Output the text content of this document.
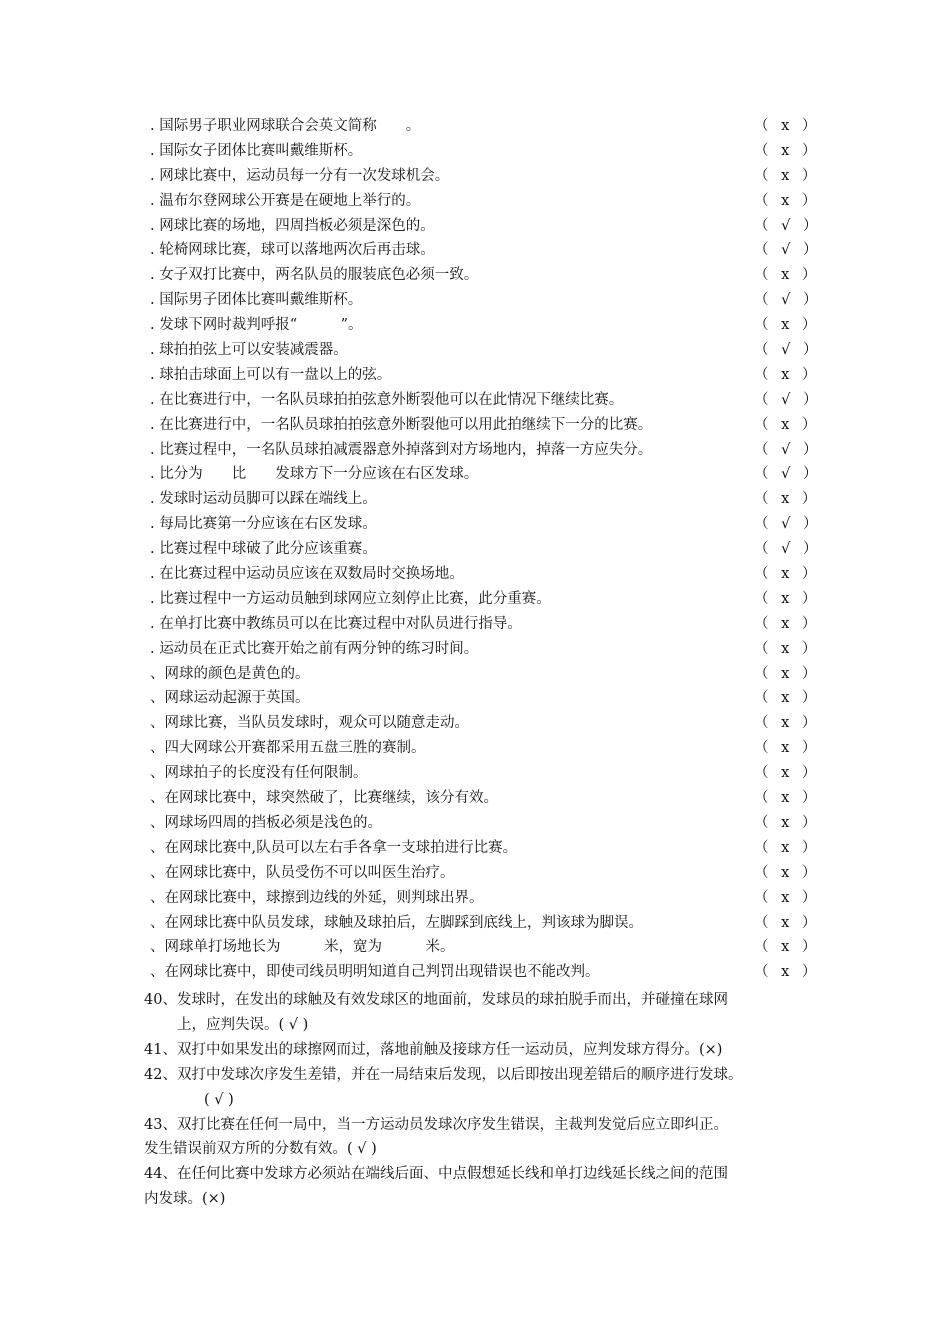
. 国际男子职业网球联合会英文简称　　。	（ x ）
. 国际女子团体比赛叫戴维斯杯。	（ x ）
. 网球比赛中，运动员每一分有一次发球机会。	（ x ）
. 温布尔登网球公开赛是在硬地上举行的。	（ x ）
. 网球比赛的场地，四周挡板必须是深色的。	（ √ ）
. 轮椅网球比赛，球可以落地两次后再击球。	（ √ ）
. 女子双打比赛中，两名队员的服装底色必须一致。	（ x ）
. 国际男子团体比赛叫戴维斯杯。	（ √ ）
. 发球下网时裁判呼报“　　　”。	（ x ）
. 球拍拍弦上可以安装减震器。	（ √ ）
. 球拍击球面上可以有一盘以上的弦。	（ x ）
. 在比赛进行中，一名队员球拍拍弦意外断裂他可以在此情况下继续比赛。	（ √ ）
. 在比赛进行中，一名队员球拍拍弦意外断裂他可以用此拍继续下一分的比赛。	（ x ）
. 比赛过程中，一名队员球拍减震器意外掉落到对方场地内，掉落一方应失分。	（ √ ）
. 比分为　　比　　发球方下一分应该在右区发球。	（ √ ）
. 发球时运动员脚可以踩在端线上。	（ x ）
. 每局比赛第一分应该在右区发球。	（ √ ）
. 比赛过程中球破了此分应该重赛。	（ √ ）
. 在比赛过程中运动员应该在双数局时交换场地。	（ x ）
. 比赛过程中一方运动员触到球网应立刻停止比赛，此分重赛。	（ x ）
. 在单打比赛中教练员可以在比赛过程中对队员进行指导。	（ x ）
. 运动员在正式比赛开始之前有两分钟的练习时间。	（ x ）
、网球的颜色是黄色的。	（ x ）
、网球运动起源于英国。	（ x ）
、网球比赛，当队员发球时，观众可以随意走动。	（ x ）
、四大网球公开赛都采用五盘三胜的赛制。	（ x ）
、网球拍子的长度没有任何限制。	（ x ）
、在网球比赛中，球突然破了，比赛继续，该分有效。	（ x ）
、网球场四周的挡板必须是浅色的。	（ x ）
、在网球比赛中,队员可以左右手各拿一支球拍进行比赛。	（ x ）
、在网球比赛中，队员受伤不可以叫医生治疗。	（ x ）
、在网球比赛中，球擦到边线的外延，则判球出界。	（ x ）
、在网球比赛中队员发球，球触及球拍后，左脚踩到底线上，判该球为脚误。	（ x ）
、网球单打场地长为　　　米，宽为　　　米。	（ x ）
、在网球比赛中，即使司线员明明知道自己判罚出现错误也不能改判。	（ x ）

40、发球时，在发出的球触及有效发球区的地面前，发球员的球拍脱手而出，并碰撞在球网

上，应判失误。( √ )

41、双打中如果发出的球擦网而过，落地前触及接球方任一运动员，应判发球方得分。(×)

42、双打中发球次序发生差错，并在一局结束后发现，以后即按出现差错后的顺序进行发球。

( √ )

43、双打比赛在任何一局中，当一方运动员发球次序发生错误，主裁判发觉后应立即纠正。

发生错误前双方所的分数有效。( √ )

44、在任何比赛中发球方必须站在端线后面、中点假想延长线和单打边线延长线之间的范围

内发球。(×)
